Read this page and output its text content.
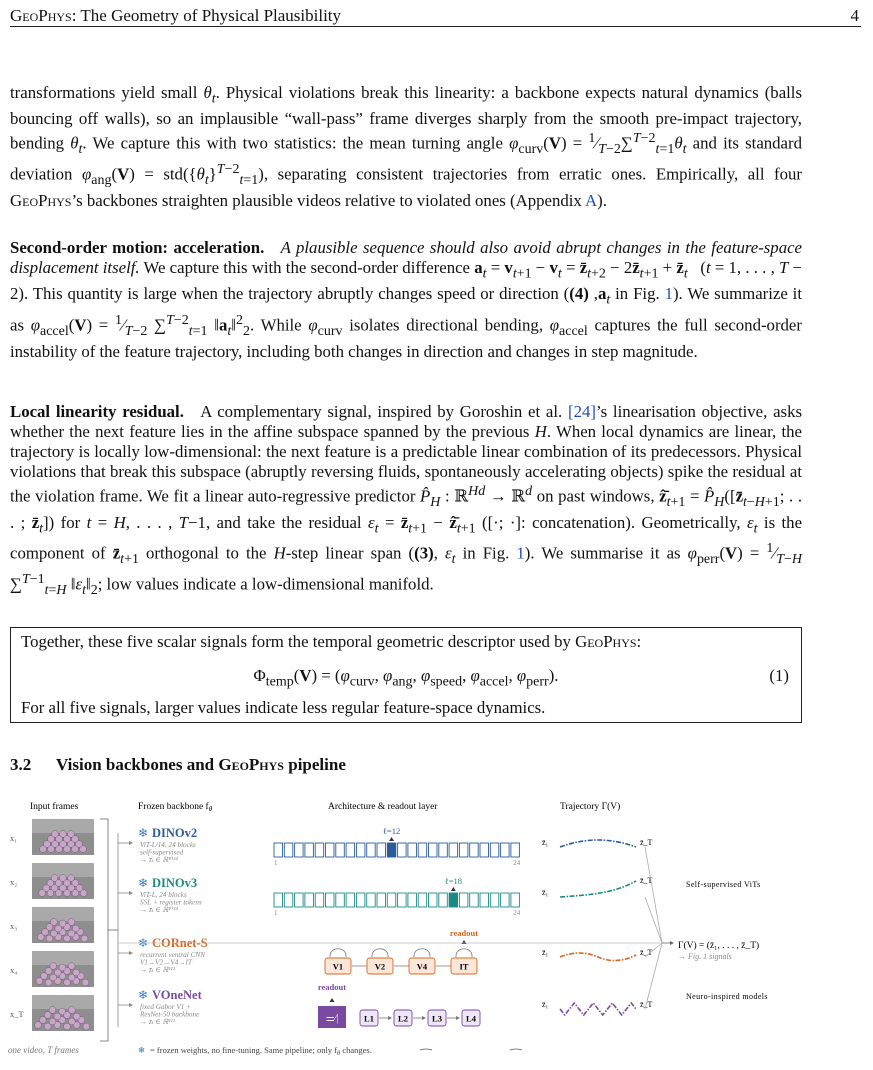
GeoPhys: The Geometry of Physical Plausibility	4
transformations yield small $\theta_t$. Physical violations break this linearity: a backbone expects natural dynamics (balls bouncing off walls), so an implausible “wall-pass” frame diverges sharply from the smooth pre-impact trajectory, bending $\theta_t$. We capture this with two statistics: the mean turning angle $\varphi_{curv}(V)$ = $^1⁄_{T-2}\sum^{T-2}_{t=1}\theta_t$ and its standard deviation $\varphi_{ang}(V) = std(\{\theta_t\}^{T-2}_{t=1})$, separating consistent trajectories from erratic ones. Empirically, all four GeoPhys’s backbones straighten plausible videos relative to violated ones (Appendix A).
Second-order motion: acceleration. A plausible sequence should also avoid abrupt changes in the feature-space displacement itself. We capture this with the second-order difference $a_t = v_{t+1} - v_t$ = $z̄_{t+2}$ − $2z̄_{t+1}$ + $z̄_t$   (t = 1, . . . , T − 2). This quantity is large when the trajectory abruptly changes speed or direction ((4) $,a_t$ in Fig. 1). We summarize it as $\varphi_{accel}(V)$ = $^1⁄_{T-2}$ ∑$^{T-2}_{t=1}$ $‖a_t‖^2_2$. While $\varphi_{curv}$ isolates directional bending, $\varphi_{accel}$ captures the full second-order instability of the feature trajectory, including both changes in direction and changes in step magnitude.
Local linearity residual.   A complementary signal, inspired by Goroshin et al. [24]’s linearisation objective, asks whether the next feature lies in the affine subspace spanned by the previous H. When local dynamics are linear, the trajectory is locally low-dimensional: the next feature is a predictable linear combination of its predecessors. Physical violations that break this subspace (abruptly reversing fluids, spontaneously accelerating objects) spike the residual at the violation frame. We fit a linear auto-regressive predictor $P̂_H$ : ℝ$^{Hd}$ → ℝ$^d$ on past windows, $ẑ̄_{t+1}$ = $P̂_H([z̄_{t-H+1}$; . . . ; $z̄_t$]) for t = H, . . . , T−1, and take the residual $\varepsilon_t$ = $z̄_{t+1}$ − $ẑ̄_{t+1}$ ([·; ·]: concatenation). Geometrically, $\varepsilon_t$ is the component of $z̄_{t+1}$ orthogonal to the H-step linear span ((3), $\varepsilon_t$ in Fig. 1). We summarise it as $\varphi_{perr}(V)$ = $^1⁄_{T-H}$ ∑$^{T-1}_{t=H}$ $‖\varepsilon_t‖_2$; low values indicate a low-dimensional manifold.
Together, these five scalar signals form the temporal geometric descriptor used by GeoPhys:
$\Phi_{temp}(V) = (\varphi_{curv}$, $\varphi_{ang}$, $\varphi_{speed}$, $\varphi_{accel}$, $\varphi_{perr}$).	(1)
For all five signals, larger values indicate less regular feature-space dynamics.
3.2 Vision backbones and GeoPhys pipeline
Input frames	Frozen backbone $f_\theta$	Architecture & readout layer	Trajectory Γ(V)
x₁
x₂
x₃
x₄
x_T
one video, T frames
❄ DINOv2
ViT-L/14, 24 blocks
self-supervised
→ z̄ₜ ∈ ℝ¹⁰²⁴
ℓ=12
1	24
z̄₁	z̄_T
❄ DINOv3
ViT-L, 24 blocks
SSL + register tokens
→ z̄ₜ ∈ ℝ¹⁰²⁴
ℓ=18
1	24
z̄₁
z̄_T
❄ CORnet-S
recurrent ventral CNN
V1→V2→V4→IT
→ z̄ₜ ∈ ℝ⁵¹²	V1	V2	V4	IT
readout
z̄₁	z̄_T
❄ VOneNet
fixed Gabor V1 +
ResNet-50 backbone
→ z̄ₜ ∈ ℝ⁵¹²	⚌⁄|
readout
L1	L2	L3	L4
z̄₁	z̄_T
Self-supervised ViTs
Neuro-inspired models
Γ(V) = (z̄₁, . . . , z̄_T)
→ Fig. 1 signals
❄ = frozen weights, no fine-tuning. Same pipeline; only $f_\theta$ changes.
